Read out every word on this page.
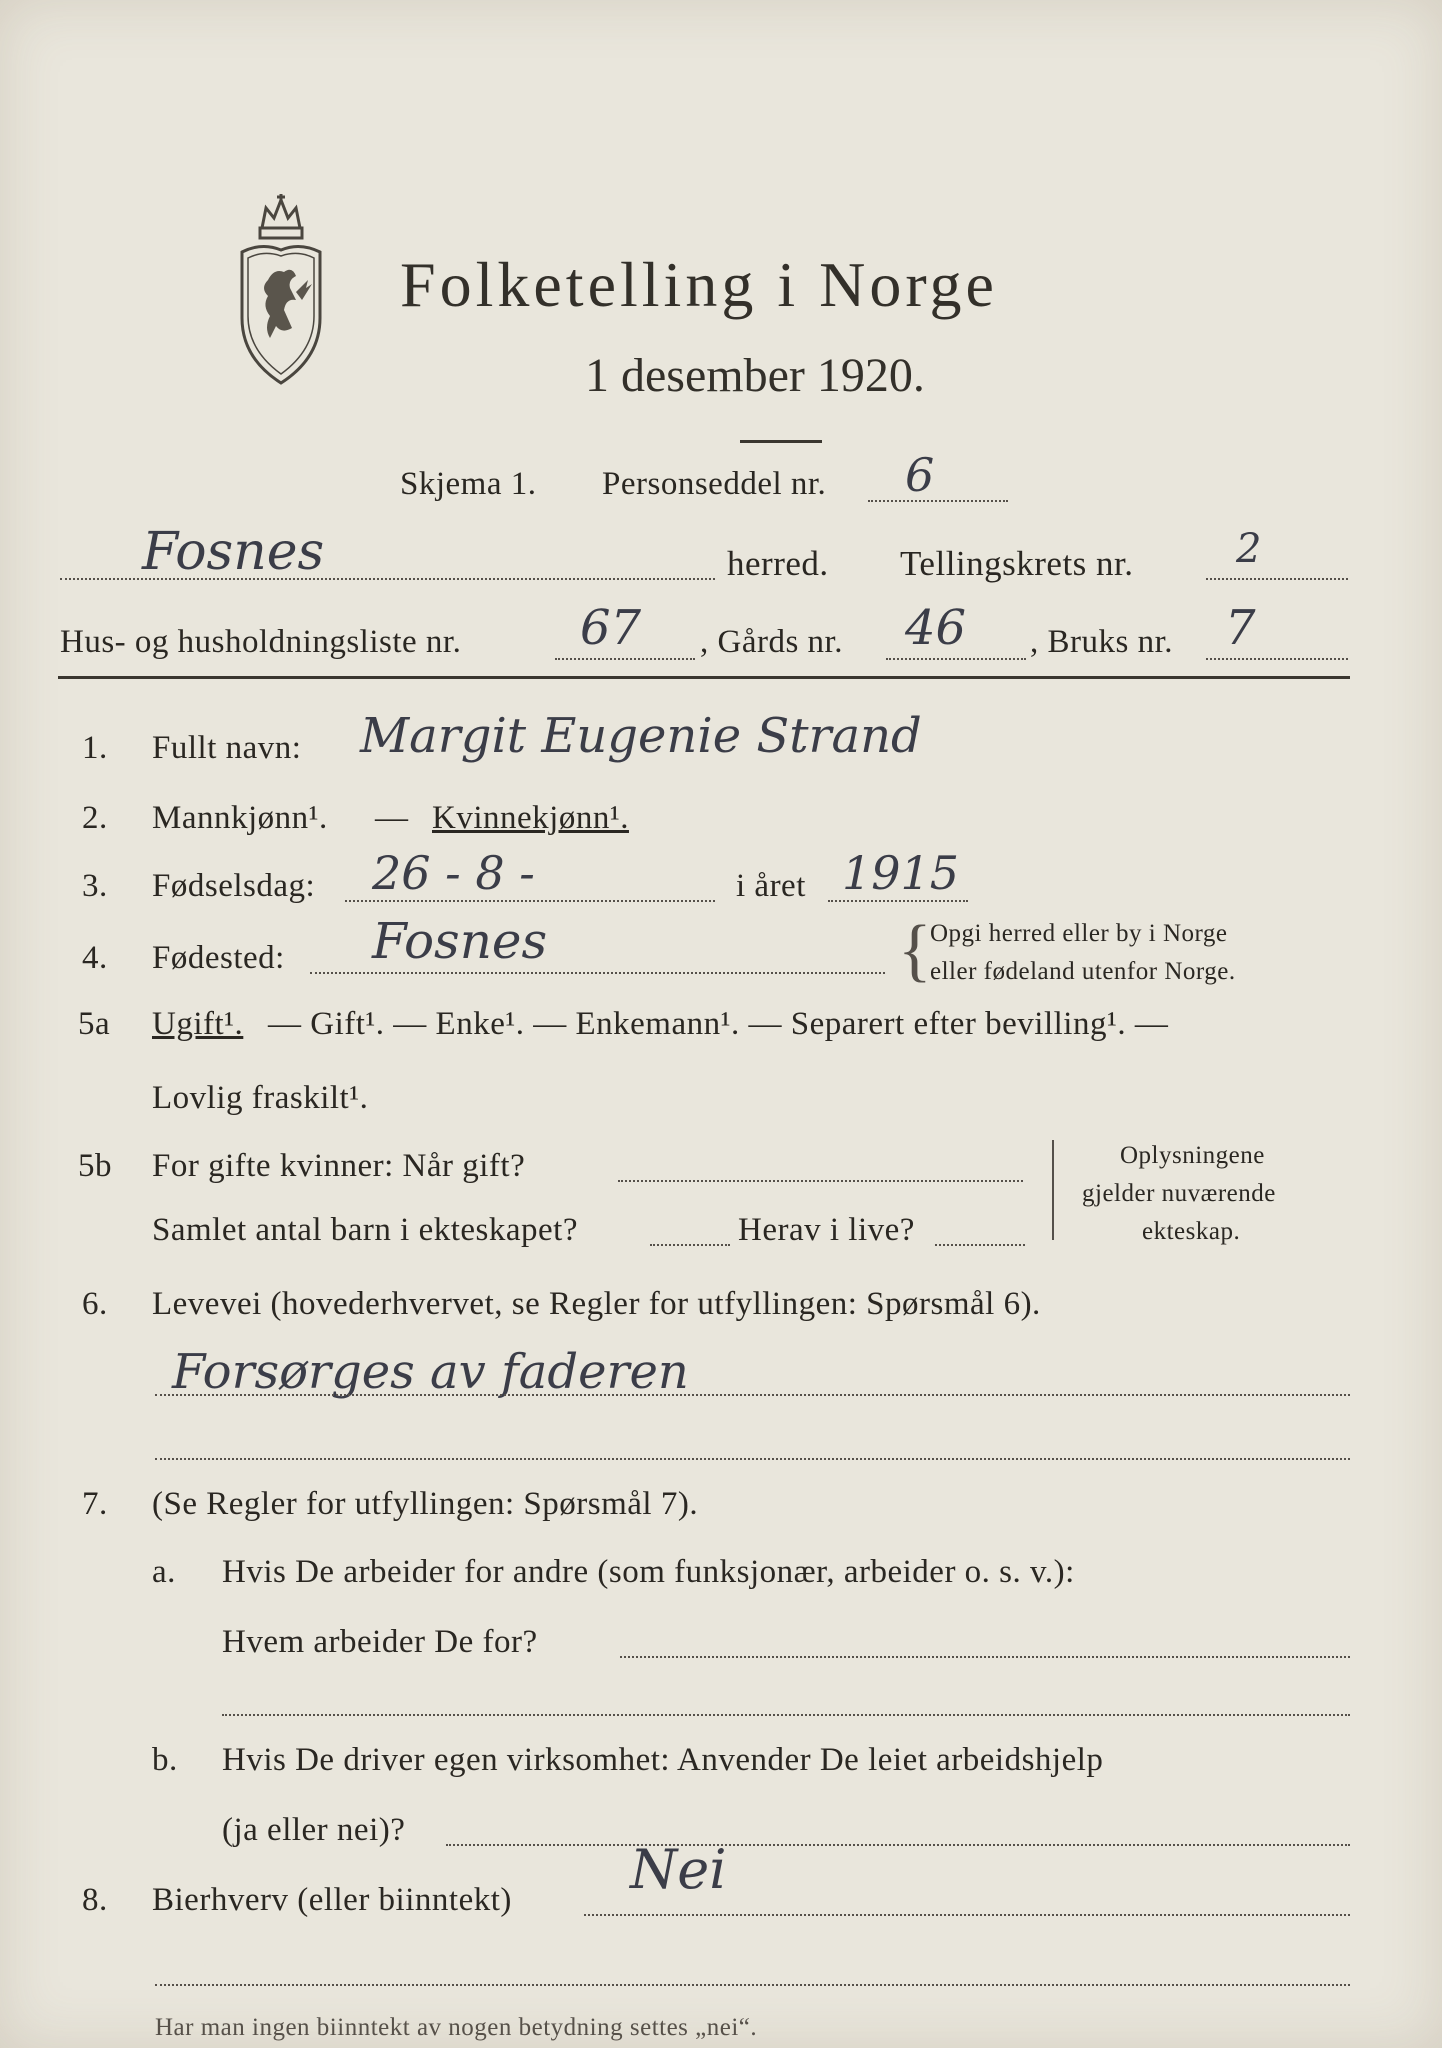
Folketelling i Norge
1 desember 1920.
Skjema 1. Personseddel nr. 6
Fosnes	herred. Tellingskrets nr.	2
Hus- og husholdningsliste nr. 67 , Gårds nr. 46 , Bruks nr. 7
1. Fullt navn: Margit Eugenie Strand
2. Mannkjønn¹. — Kvinnekjønn¹.
3. Fødselsdag: 26 - 8 -	i året 1915
4. Fødested: Fosnes	{
Opgi herred eller by i Norge
eller fødeland utenfor Norge.
5a Ugift¹. — Gift¹. — Enke¹. — Enkemann¹. — Separert efter bevilling¹. —
Lovlig fraskilt¹.
5b For gifte kvinner: Når gift?
Samlet antal barn i ekteskapet?	Herav i live?
Oplysningene
gjelder nuværende
ekteskap.
6. Levevei (hovederhvervet, se Regler for utfyllingen: Spørsmål 6).
Forsørges av faderen
7. (Se Regler for utfyllingen: Spørsmål 7).
a. Hvis De arbeider for andre (som funksjonær, arbeider o. s. v.):
Hvem arbeider De for?
b. Hvis De driver egen virksomhet: Anvender De leiet arbeidshjelp
(ja eller nei)?
8. Bierhverv (eller biinntekt) Nei
Har man ingen biinntekt av nogen betydning settes „nei“.
